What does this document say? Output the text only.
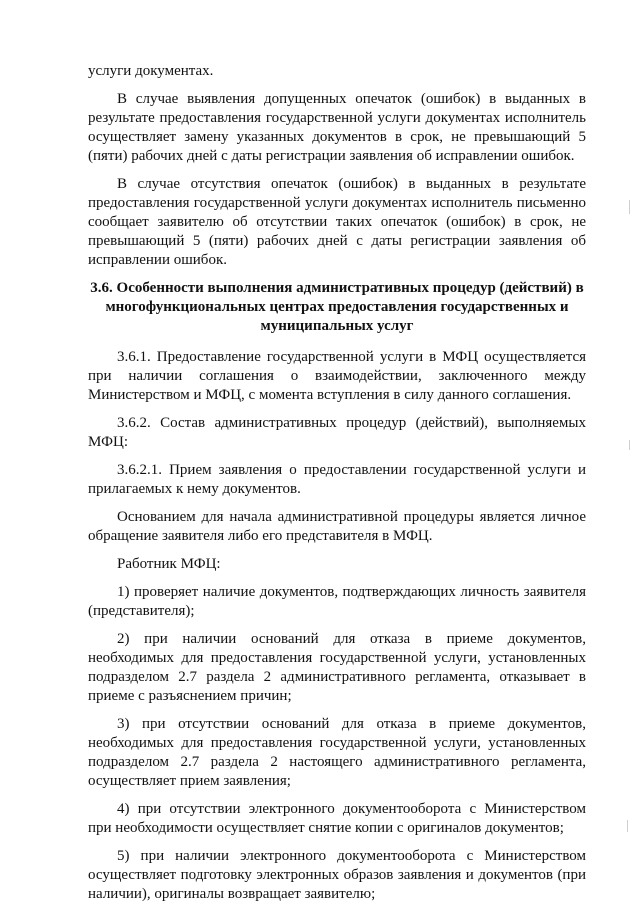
услуги документах.

В случае выявления допущенных опечаток (ошибок) в выданных в результате предоставления государственной услуги документах исполнитель осуществляет замену указанных документов в срок, не превышающий 5 (пяти) рабочих дней с даты регистрации заявления об исправлении ошибок.

В случае отсутствия опечаток (ошибок) в выданных в результате предоставления государственной услуги документах исполнитель письменно сообщает заявителю об отсутствии таких опечаток (ошибок) в срок, не превышающий 5 (пяти) рабочих дней с даты регистрации заявления об исправлении ошибок.

3.6. Особенности выполнения административных процедур (действий) в многофункциональных центрах предоставления государственных и муниципальных услуг

3.6.1. Предоставление государственной услуги в МФЦ осуществляется при наличии соглашения о взаимодействии, заключенного между Министерством и МФЦ, с момента вступления в силу данного соглашения.

3.6.2. Состав административных процедур (действий), выполняемых МФЦ:

3.6.2.1. Прием заявления о предоставлении государственной услуги и прилагаемых к нему документов.

Основанием для начала административной процедуры является личное обращение заявителя либо его представителя в МФЦ.

Работник МФЦ:

1) проверяет наличие документов, подтверждающих личность заявителя (представителя);

2) при наличии оснований для отказа в приеме документов, необходимых для предоставления государственной услуги, установленных подразделом 2.7 раздела 2 административного регламента, отказывает в приеме с разъяснением причин;

3) при отсутствии оснований для отказа в приеме документов, необходимых для предоставления государственной услуги, установленных подразделом 2.7 раздела 2 настоящего административного регламента, осуществляет прием заявления;

4) при отсутствии электронного документооборота с Министерством при необходимости осуществляет снятие копии с оригиналов документов;

5) при наличии электронного документооборота с Министерством осуществляет подготовку электронных образов заявления и документов (при наличии), оригиналы возвращает заявителю;
